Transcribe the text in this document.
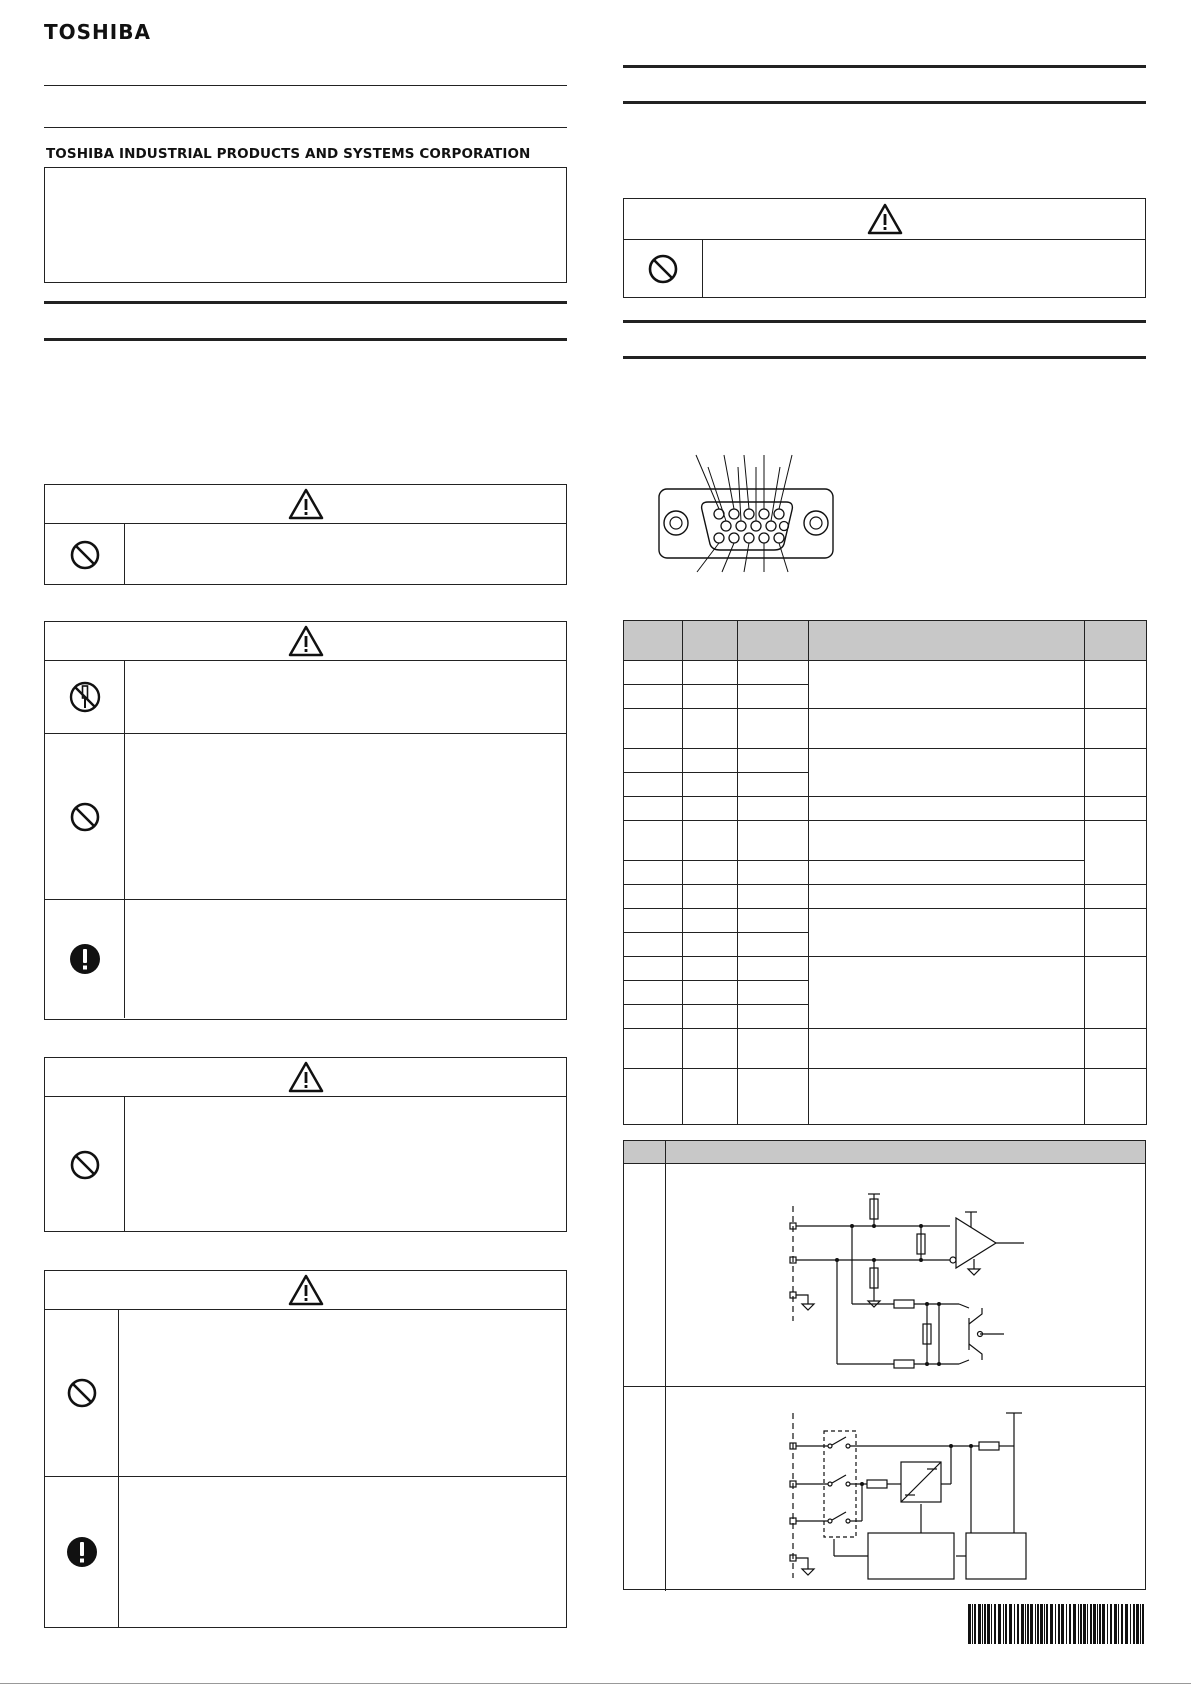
TOSHIBA
TOSHIBA INDUSTRIAL PRODUCTS AND SYSTEMS CORPORATION
